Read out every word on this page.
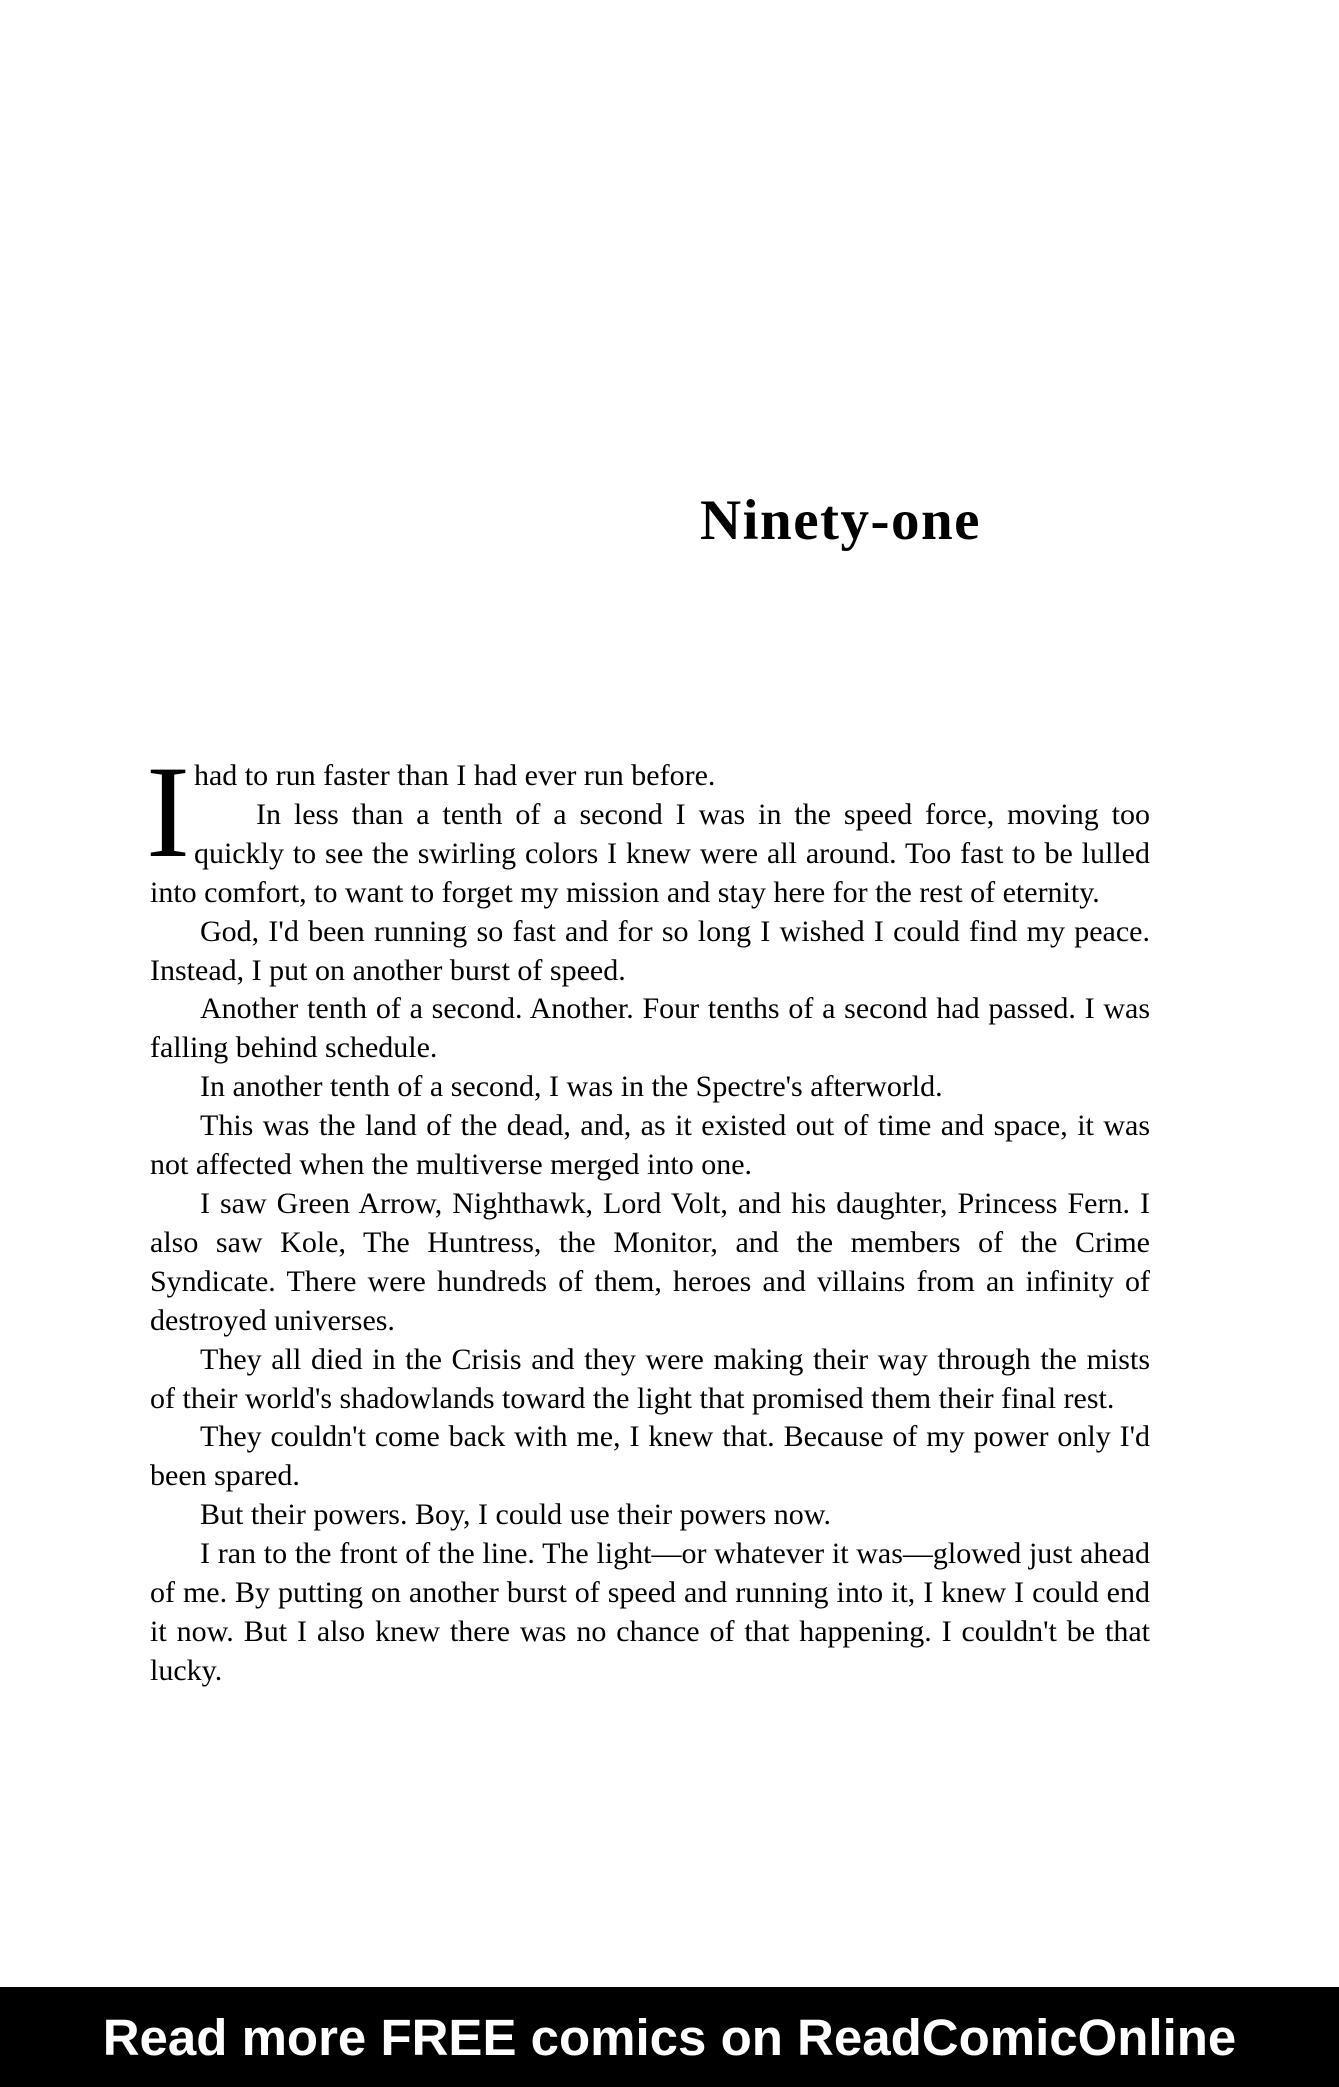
Ninety-one

Ihad to run faster than I had ever run before.

In less than a tenth of a second I was in the speed force, moving too quickly to see the swirling colors I knew were all around. Too fast to be lulled into comfort, to want to forget my mission and stay here for the rest of eternity.

God, I'd been running so fast and for so long I wished I could find my peace. Instead, I put on another burst of speed.

Another tenth of a second. Another. Four tenths of a second had passed. I was falling behind schedule.

In another tenth of a second, I was in the Spectre's afterworld.

This was the land of the dead, and, as it existed out of time and space, it was not affected when the multiverse merged into one.

I saw Green Arrow, Nighthawk, Lord Volt, and his daughter, Princess Fern. I also saw Kole, The Huntress, the Monitor, and the members of the Crime Syndicate. There were hundreds of them, heroes and villains from an infinity of destroyed universes.

They all died in the Crisis and they were making their way through the mists of their world's shadowlands toward the light that promised them their final rest.

They couldn't come back with me, I knew that. Because of my power only I'd been spared.

But their powers. Boy, I could use their powers now.

I ran to the front of the line. The light—or whatever it was—glowed just ahead of me. By putting on another burst of speed and running into it, I knew I could end it now. But I also knew there was no chance of that happening. I couldn't be that lucky.

Read more FREE comics on ReadComicOnline
